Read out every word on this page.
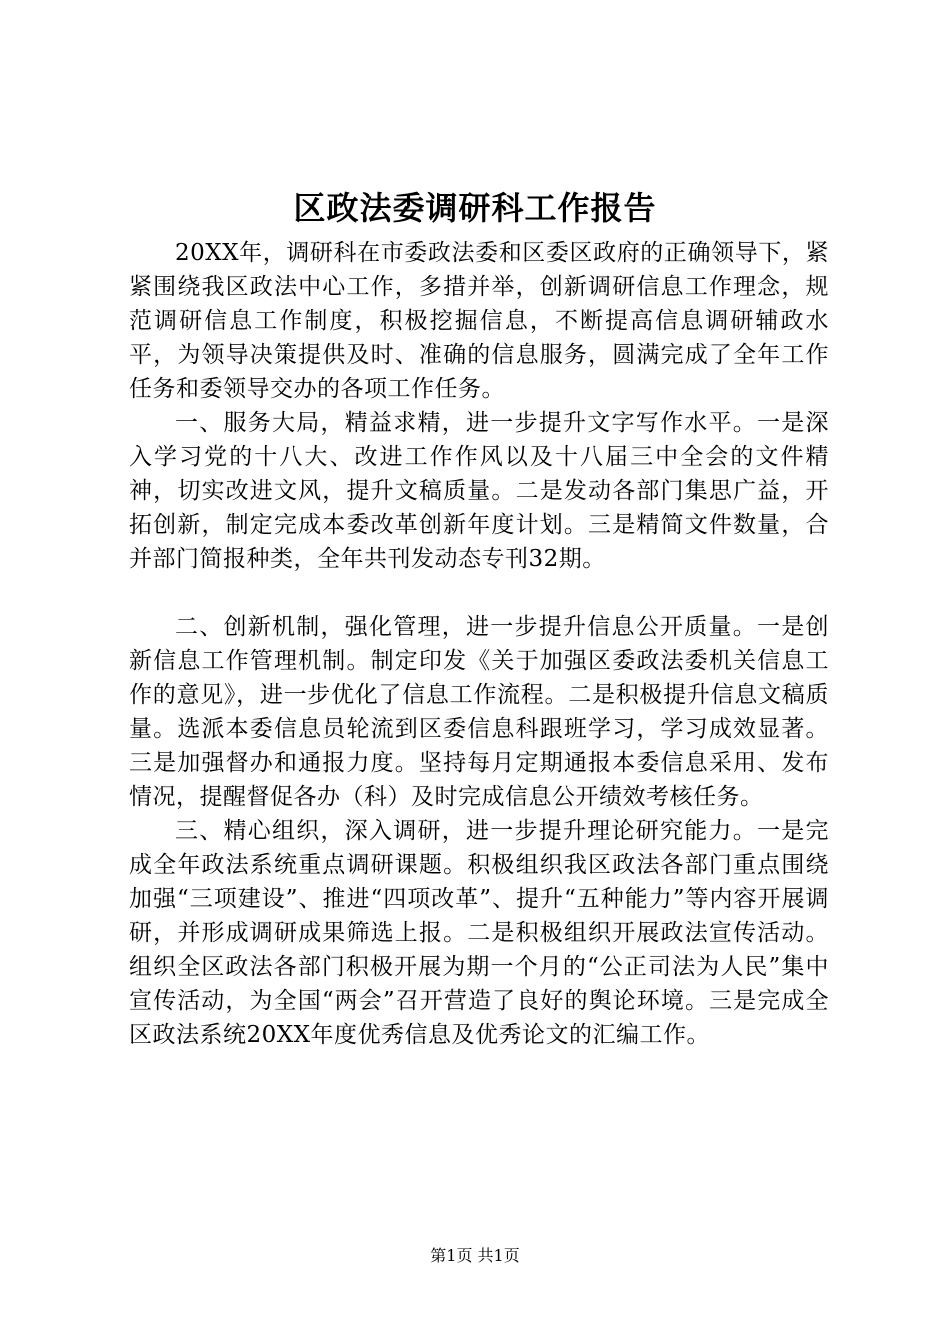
区政法委调研科工作报告

20XX年，调研科在市委政法委和区委区政府的正确领导下，紧紧围绕我区政法中心工作，多措并举，创新调研信息工作理念，规范调研信息工作制度，积极挖掘信息，不断提高信息调研辅政水平，为领导决策提供及时、准确的信息服务，圆满完成了全年工作任务和委领导交办的各项工作任务。

一、服务大局，精益求精，进一步提升文字写作水平。一是深入学习党的十八大、改进工作作风以及十八届三中全会的文件精神，切实改进文风，提升文稿质量。二是发动各部门集思广益，开拓创新，制定完成本委改革创新年度计划。三是精简文件数量，合并部门简报种类，全年共刊发动态专刊32期。

二、创新机制，强化管理，进一步提升信息公开质量。一是创新信息工作管理机制。制定印发《关于加强区委政法委机关信息工作的意见》，进一步优化了信息工作流程。二是积极提升信息文稿质量。选派本委信息员轮流到区委信息科跟班学习，学习成效显著。三是加强督办和通报力度。坚持每月定期通报本委信息采用、发布情况，提醒督促各办（科）及时完成信息公开绩效考核任务。

三、精心组织，深入调研，进一步提升理论研究能力。一是完成全年政法系统重点调研课题。积极组织我区政法各部门重点围绕加强“三项建设”、推进“四项改革”、提升“五种能力”等内容开展调研，并形成调研成果筛选上报。二是积极组织开展政法宣传活动。组织全区政法各部门积极开展为期一个月的“公正司法为人民”集中宣传活动，为全国“两会”召开营造了良好的舆论环境。三是完成全区政法系统20XX年度优秀信息及优秀论文的汇编工作。

第1页 共1页
